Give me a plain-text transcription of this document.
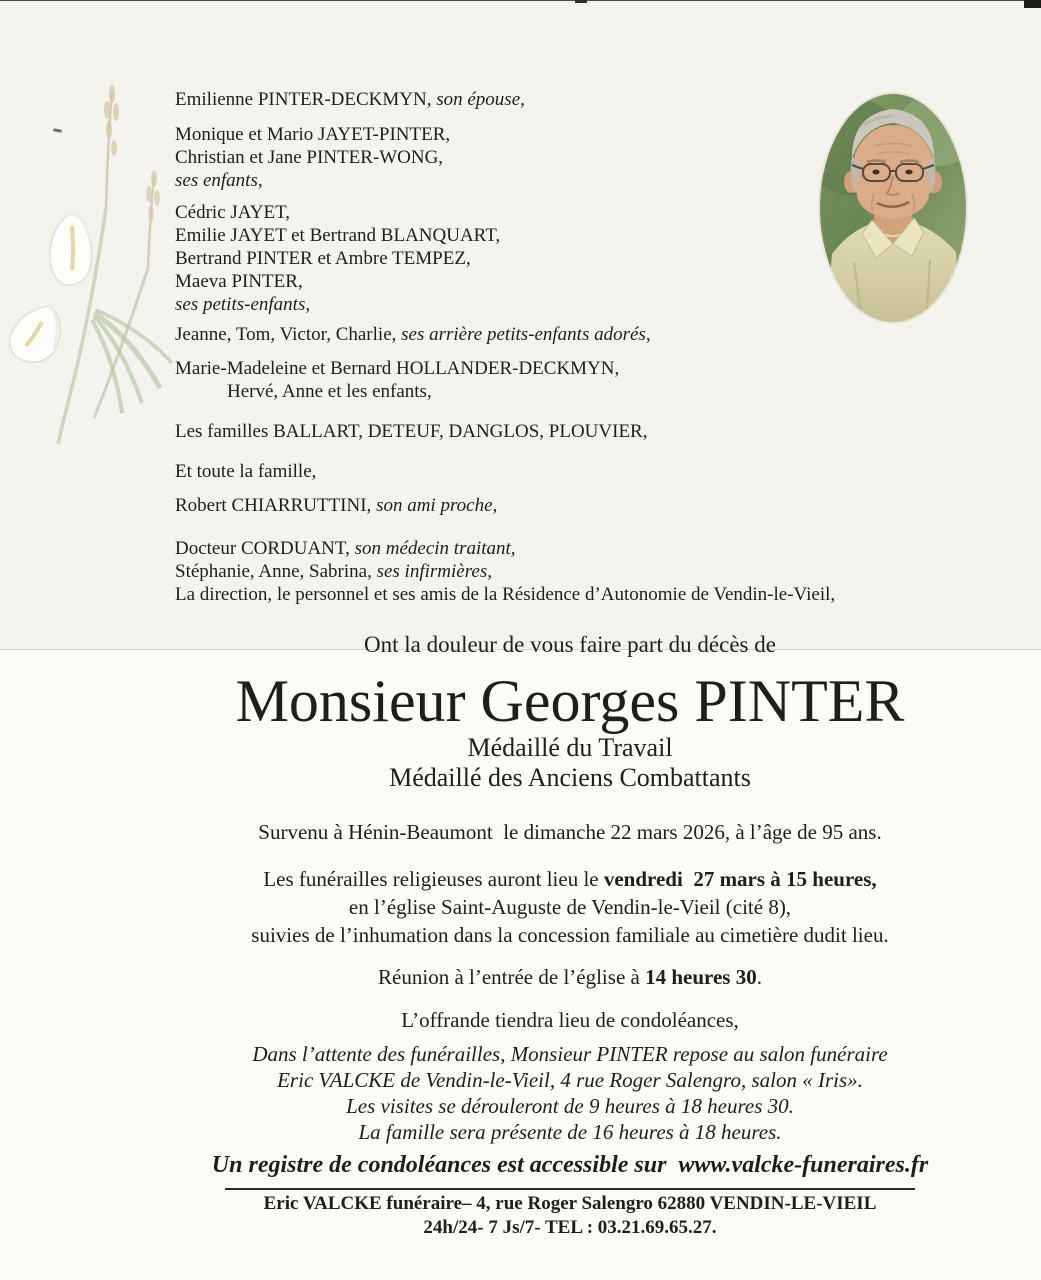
Emilienne PINTER-DECKMYN, son épouse,
Monique et Mario JAYET-PINTER,
Christian et Jane PINTER-WONG,
ses enfants,
Cédric JAYET,
Emilie JAYET et Bertrand BLANQUART,
Bertrand PINTER et Ambre TEMPEZ,
Maeva PINTER,
ses petits-enfants,
Jeanne, Tom, Victor, Charlie, ses arrière petits-enfants adorés,
Marie-Madeleine et Bernard HOLLANDER-DECKMYN,
Hervé, Anne et les enfants,
Les familles BALLART, DETEUF, DANGLOS, PLOUVIER,
Et toute la famille,
Robert CHIARRUTTINI, son ami proche,
Docteur CORDUANT, son médecin traitant,
Stéphanie, Anne, Sabrina, ses infirmières,
La direction, le personnel et ses amis de la Résidence d’Autonomie de Vendin-le-Vieil,
Ont la douleur de vous faire part du décès de
Monsieur Georges PINTER
Médaillé du Travail
Médaillé des Anciens Combattants
Survenu à Hénin-Beaumont  le dimanche 22 mars 2026, à l’âge de 95 ans.
Les funérailles religieuses auront lieu le vendredi  27 mars à 15 heures,
en l’église Saint-Auguste de Vendin-le-Vieil (cité 8),
suivies de l’inhumation dans la concession familiale au cimetière dudit lieu.
Réunion à l’entrée de l’église à 14 heures 30.
L’offrande tiendra lieu de condoléances,
Dans l’attente des funérailles, Monsieur PINTER repose au salon funéraire
Eric VALCKE de Vendin-le-Vieil, 4 rue Roger Salengro, salon « Iris».
Les visites se dérouleront de 9 heures à 18 heures 30.
La famille sera présente de 16 heures à 18 heures.
Un registre de condoléances est accessible sur  www.valcke-funeraires.fr
Eric VALCKE funéraire– 4, rue Roger Salengro 62880 VENDIN-LE-VIEIL
24h/24- 7 Js/7- TEL : 03.21.69.65.27.
